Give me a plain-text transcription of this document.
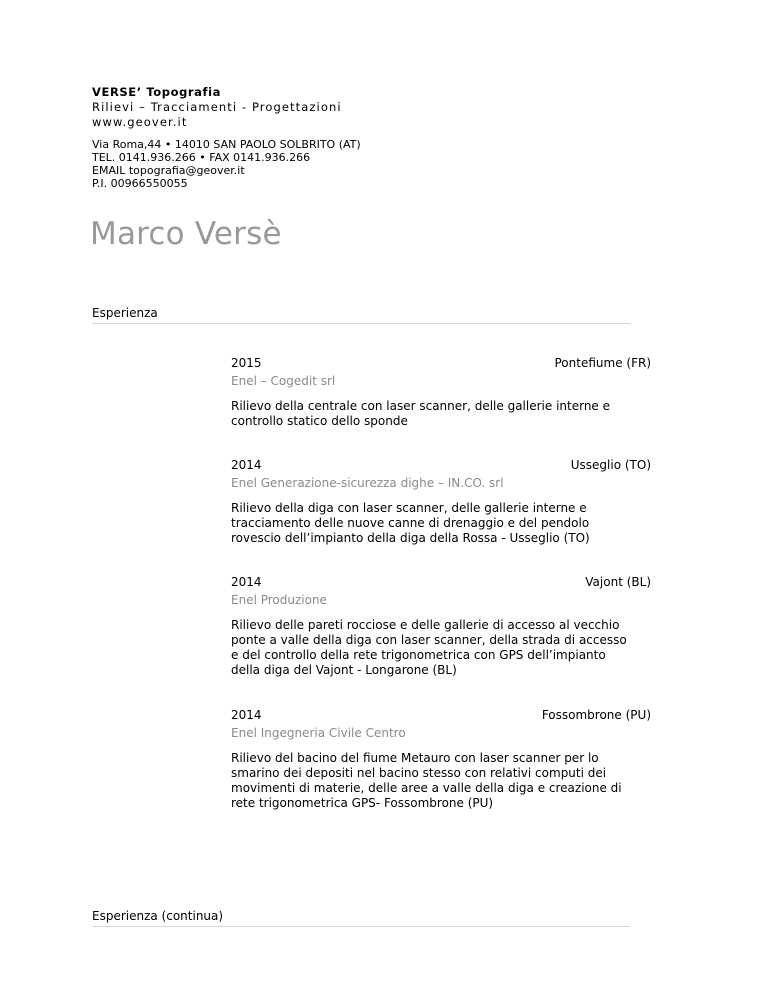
VERSE’ Topografia
Rilievi – Tracciamenti - Progettazioni
www.geover.it
Via Roma,44 • 14010 SAN PAOLO SOLBRITO (AT)
TEL. 0141.936.266 • FAX 0141.936.266
EMAIL topografia@geover.it
P.I. 00966550055
Marco Versè
Esperienza
2015	Pontefiume (FR)
Enel – Cogedit srl
Rilievo della centrale con laser scanner, delle gallerie interne e controllo statico dello sponde
2014	Usseglio (TO)
Enel Generazione-sicurezza dighe – IN.CO. srl
Rilievo della diga con laser scanner, delle gallerie interne e tracciamento delle nuove canne di drenaggio e del pendolo rovescio dell’impianto della diga della Rossa - Usseglio (TO)
2014	Vajont (BL)
Enel Produzione
Rilievo delle pareti rocciose e delle gallerie di accesso al vecchio ponte a valle della diga con laser scanner, della strada di accesso e del controllo della rete trigonometrica con GPS dell’impianto della diga del Vajont - Longarone (BL)
2014	Fossombrone (PU)
Enel Ingegneria Civile Centro
Rilievo del bacino del fiume Metauro con laser scanner per lo smarino dei depositi nel bacino stesso con relativi computi dei movimenti di materie, delle aree a valle della diga e creazione di rete trigonometrica GPS- Fossombrone (PU)
Esperienza (continua)
